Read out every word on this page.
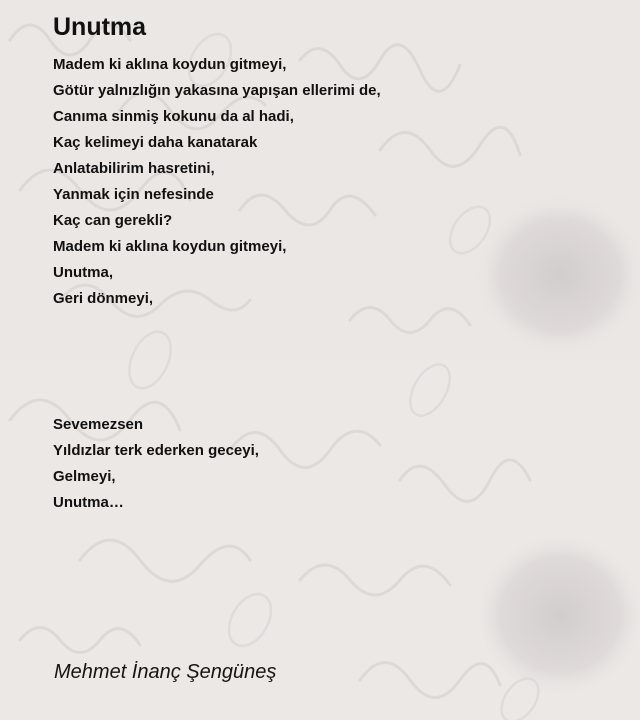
Unutma
Madem ki aklına koydun gitmeyi,
Götür yalnızlığın yakasına yapışan ellerimi de,
Canıma sinmiş kokunu da al hadi,
Kaç kelimeyi daha kanatarak
Anlatabilirim hasretini,
Yanmak için nefesinde
Kaç can gerekli?
Madem ki aklına koydun gitmeyi,
Unutma,
Geri dönmeyi,
Sevemezsen
Yıldızlar terk ederken geceyi,
Gelmeyi,
Unutma…
Mehmet İnanç Şengüneş
